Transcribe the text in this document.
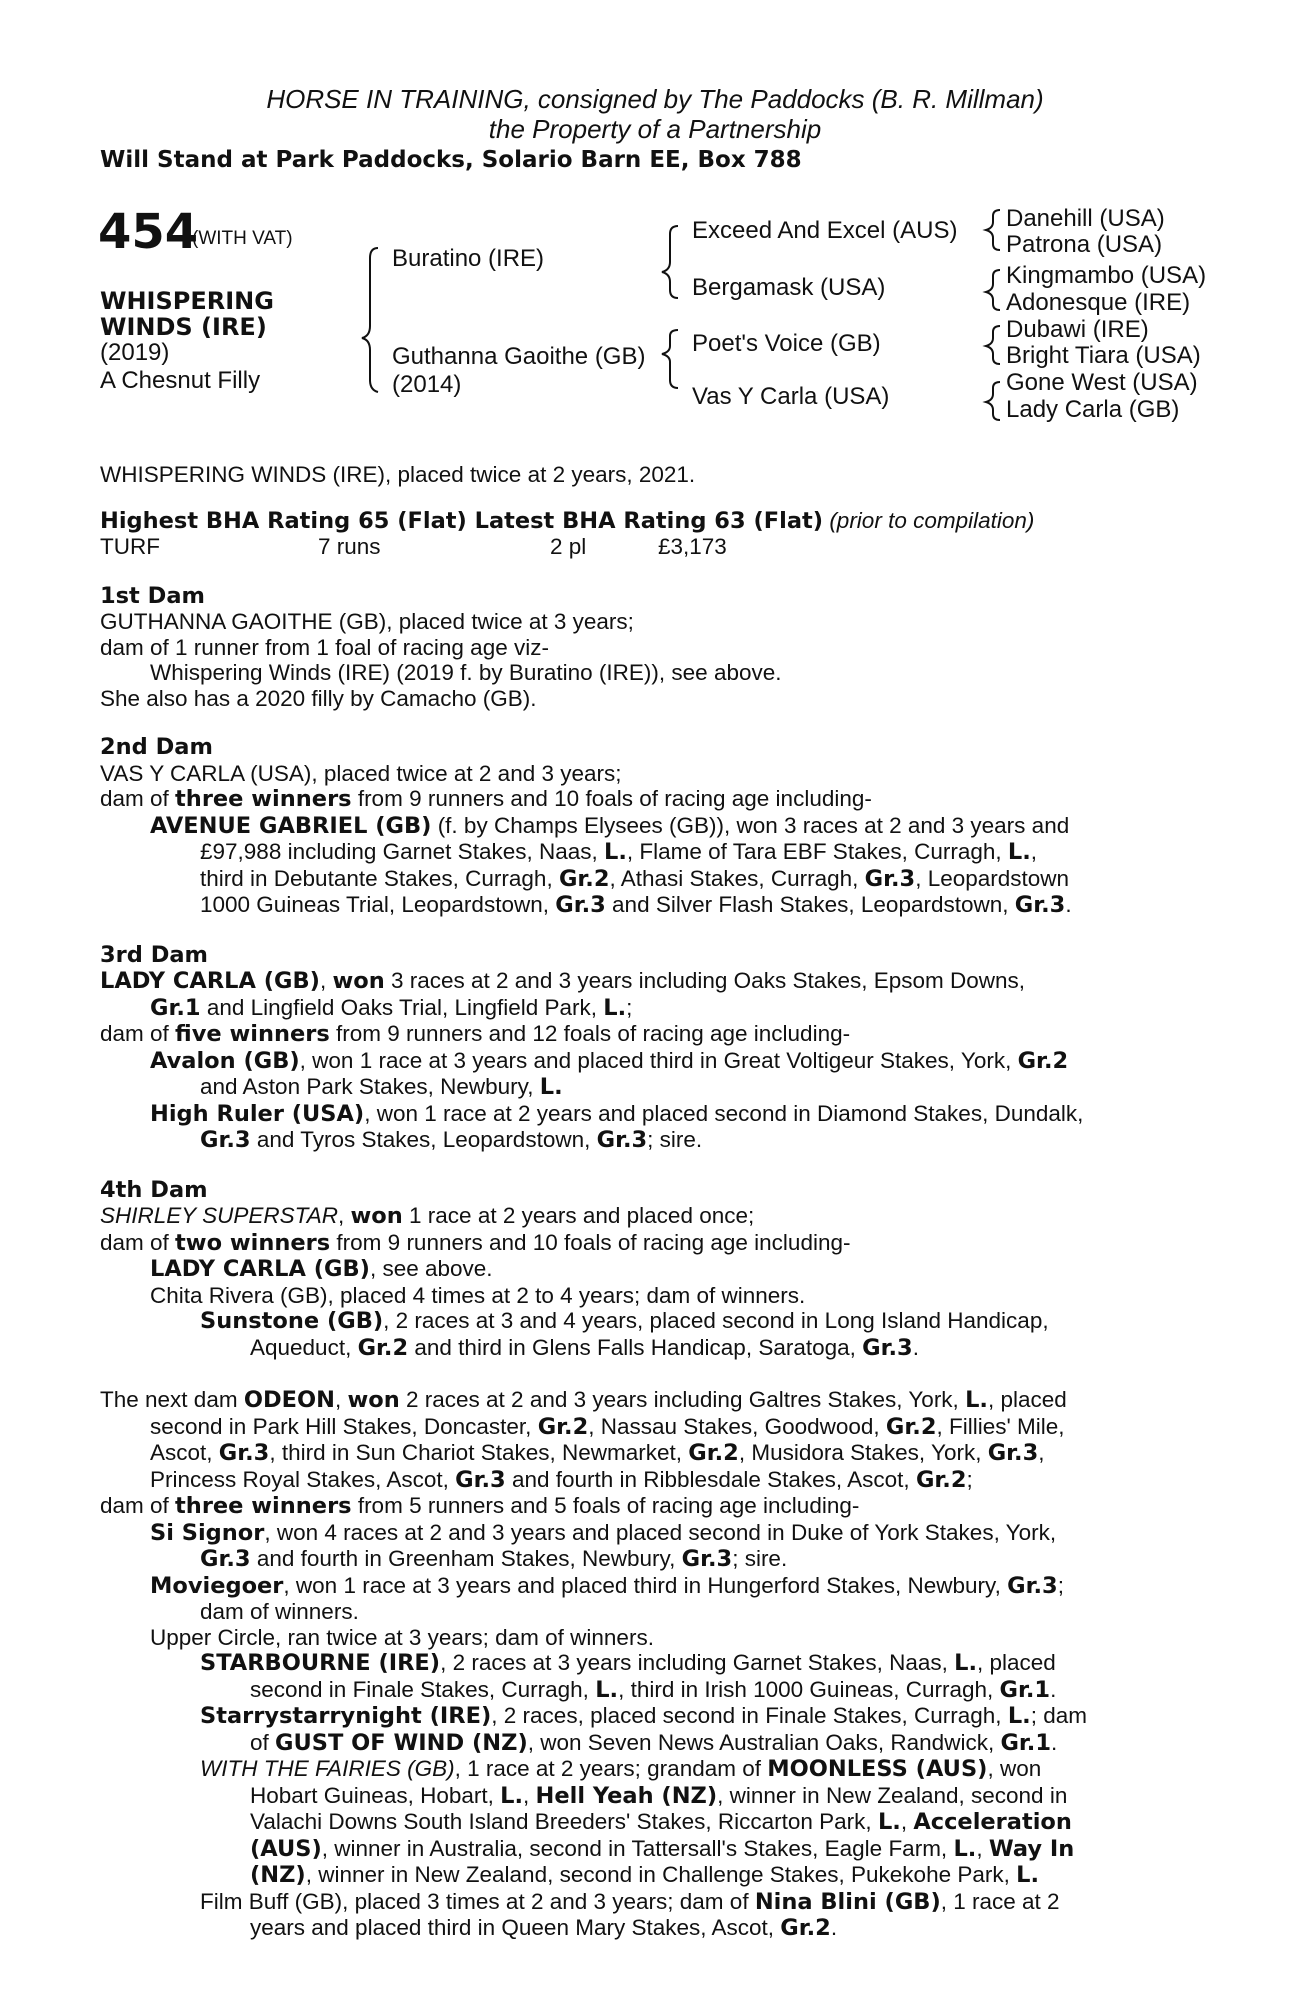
HORSE IN TRAINING, consigned by The Paddocks (B. R. Millman)
the Property of a Partnership
Will Stand at Park Paddocks, Solario Barn EE, Box 788
454
(WITH VAT)
WHISPERING
WINDS (IRE)
(2019)
A Chesnut Filly
Buratino (IRE)
Guthanna Gaoithe (GB)
(2014)
Exceed And Excel (AUS)
Bergamask (USA)
Poet's Voice (GB)
Vas Y Carla (USA)
Danehill (USA)
Patrona (USA)
Kingmambo (USA)
Adonesque (IRE)
Dubawi (IRE)
Bright Tiara (USA)
Gone West (USA)
Lady Carla (GB)
WHISPERING WINDS (IRE), placed twice at 2 years, 2021.
Highest BHA Rating 65 (Flat) Latest BHA Rating 63 (Flat) (prior to compilation)
TURF	7 runs	2 pl	£3,173
1st Dam
GUTHANNA GAOITHE (GB), placed twice at 3 years;
dam of 1 runner from 1 foal of racing age viz-
Whispering Winds (IRE) (2019 f. by Buratino (IRE)), see above.
She also has a 2020 filly by Camacho (GB).
2nd Dam
VAS Y CARLA (USA), placed twice at 2 and 3 years;
dam of three winners from 9 runners and 10 foals of racing age including-
AVENUE GABRIEL (GB) (f. by Champs Elysees (GB)), won 3 races at 2 and 3 years and
£97,988 including Garnet Stakes, Naas, L., Flame of Tara EBF Stakes, Curragh, L.,
third in Debutante Stakes, Curragh, Gr.2, Athasi Stakes, Curragh, Gr.3, Leopardstown
1000 Guineas Trial, Leopardstown, Gr.3 and Silver Flash Stakes, Leopardstown, Gr.3.
3rd Dam
LADY CARLA (GB), won 3 races at 2 and 3 years including Oaks Stakes, Epsom Downs,
Gr.1 and Lingfield Oaks Trial, Lingfield Park, L.;
dam of five winners from 9 runners and 12 foals of racing age including-
Avalon (GB), won 1 race at 3 years and placed third in Great Voltigeur Stakes, York, Gr.2
and Aston Park Stakes, Newbury, L.
High Ruler (USA), won 1 race at 2 years and placed second in Diamond Stakes, Dundalk,
Gr.3 and Tyros Stakes, Leopardstown, Gr.3; sire.
4th Dam
SHIRLEY SUPERSTAR, won 1 race at 2 years and placed once;
dam of two winners from 9 runners and 10 foals of racing age including-
LADY CARLA (GB), see above.
Chita Rivera (GB), placed 4 times at 2 to 4 years; dam of winners.
Sunstone (GB), 2 races at 3 and 4 years, placed second in Long Island Handicap,
Aqueduct, Gr.2 and third in Glens Falls Handicap, Saratoga, Gr.3.
The next dam ODEON, won 2 races at 2 and 3 years including Galtres Stakes, York, L., placed
second in Park Hill Stakes, Doncaster, Gr.2, Nassau Stakes, Goodwood, Gr.2, Fillies' Mile,
Ascot, Gr.3, third in Sun Chariot Stakes, Newmarket, Gr.2, Musidora Stakes, York, Gr.3,
Princess Royal Stakes, Ascot, Gr.3 and fourth in Ribblesdale Stakes, Ascot, Gr.2;
dam of three winners from 5 runners and 5 foals of racing age including-
Si Signor, won 4 races at 2 and 3 years and placed second in Duke of York Stakes, York,
Gr.3 and fourth in Greenham Stakes, Newbury, Gr.3; sire.
Moviegoer, won 1 race at 3 years and placed third in Hungerford Stakes, Newbury, Gr.3;
dam of winners.
Upper Circle, ran twice at 3 years; dam of winners.
STARBOURNE (IRE), 2 races at 3 years including Garnet Stakes, Naas, L., placed
second in Finale Stakes, Curragh, L., third in Irish 1000 Guineas, Curragh, Gr.1.
Starrystarrynight (IRE), 2 races, placed second in Finale Stakes, Curragh, L.; dam
of GUST OF WIND (NZ), won Seven News Australian Oaks, Randwick, Gr.1.
WITH THE FAIRIES (GB), 1 race at 2 years; grandam of MOONLESS (AUS), won
Hobart Guineas, Hobart, L., Hell Yeah (NZ), winner in New Zealand, second in
Valachi Downs South Island Breeders' Stakes, Riccarton Park, L., Acceleration
(AUS), winner in Australia, second in Tattersall's Stakes, Eagle Farm, L., Way In
(NZ), winner in New Zealand, second in Challenge Stakes, Pukekohe Park, L.
Film Buff (GB), placed 3 times at 2 and 3 years; dam of Nina Blini (GB), 1 race at 2
years and placed third in Queen Mary Stakes, Ascot, Gr.2.
